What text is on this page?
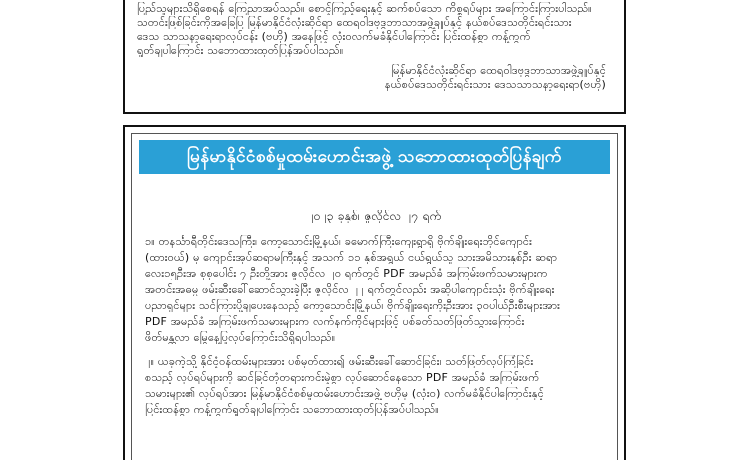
ပြည်သူများသိရှိစေရန် ကြေညာအပ်သည်။ စောင့်ကြည့်ရေးနှင့် ဆက်စပ်သော ကိစ္စရပ်များ အကြောင်းကြားပါသည်။
သတင်းဖြစ်ခြင်းကိုအခြေပြ မြန်မာနိုင်ငံလုံးဆိုင်ရာ ထေရဝါဒဗုဒ္ဓဘာသာအဖွဲ့ချုပ်နှင့် နယ်စပ်ဒေသတိုင်းရင်းသား
ဒေသ သာသနာ့ရေးရာလုပ်ငန်း (ဗဟို) အနေဖြင့် လုံးဝလက်မခံနိုင်ပါကြောင်း ပြင်းထန်စွာ ကန့်ကွက်
ရှုတ်ချပါကြောင်း သဘောထားထုတ်ပြန်အပ်ပါသည်။
မြန်မာနိုင်ငံလုံးဆိုင်ရာ ထေရဝါဒဗုဒ္ဓဘာသာအဖွဲ့ချုပ်နှင့်
နယ်စပ်ဒေသတိုင်းရင်းသား ဒေသသာသနာ့ရေးရာ(ဗဟို)
မြန်မာနိုင်ငံစစ်မှုထမ်းဟောင်းအဖွဲ့ သဘောထားထုတ်ပြန်ချက်
၂၀၂၃ ခုနှစ်၊ ဇူလိုင်လ ၂၇ ရက်
၁။ တနင်္သာရီတိုင်းဒေသကြီး၊ ကော့သောင်းမြို့နယ်၊ ခမောက်ကြီးကျေးရွာရှိ ဗိုက်ချိုးရေးဘိုင်ကျောင်း
(ထားဝယ်) မှ ကျောင်းအုပ်ဆရာမကြီးနှင့် အသက် ၁၁ နှစ်အရွယ် ငယ်ရွယ်သူ သားအမိသားနှစ်ဦး ဆရာ
လေး၁၅ဦးအ စုစုပေါင်း ၇ ဦးတို့အား ဇူလိုင်လ ၂၀ ရက်တွင် PDF အမည်ခံ အကြမ်းဖက်သမားများက
အတင်းအဓမ္မ ဖမ်းဆီးခေါ်ဆောင်သွားခဲ့ပြီး ဇူလိုင်လ ၂၂ ရက်တွင်လည်း အဆိုပါကျောင်းသုံး ဗိုက်ချိုးရေး
ပညာရှင်များ သင်ကြားပို့ချပေးနေသည့် ကော့သောင်းမြို့နယ်၊ ဗိုက်ချိုးရေးကိုးဦးအား ၃၀ပါယ်ဦးစီးများအား
PDF အမည်ခံ အကြမ်းဖက်သမားများက လက်နက်ကိုင်များဖြင့် ပစ်ခတ်သတ်ဖြတ်သွားကြောင်း
ဖိတ်မန္တလာ မြွေနေ့ပြုလုပ်ကြောင်းသိရှိရပါသည်။
၂။ ယခုကဲ့သို့ နိုင်ငံ့ဝန်ထမ်းများအား ပစ်မှတ်ထား၍ ဖမ်းဆီးခေါ်ဆောင်ခြင်း၊ သတ်ဖြတ်လုပ်ကြံခြင်း
စသည့် လုပ်ရပ်များကို ဆင်ခြင်တုံတရားကင်းမဲ့စွာ လုပ်ဆောင်နေသော PDF အမည်ခံ အကြမ်းဖက်
သမားများ၏ လုပ်ရပ်အား မြန်မာနိုင်ငံစစ်မှုထမ်းဟောင်းအဖွဲ့ ဗဟိုမှ (လုံး၀) လက်မခံနိုင်ပါကြောင်းနှင့်
ပြင်းထန်စွာ ကန့်ကွက်ရှုတ်ချပါကြောင်း သဘောထားထုတ်ပြန်အပ်ပါသည်။
